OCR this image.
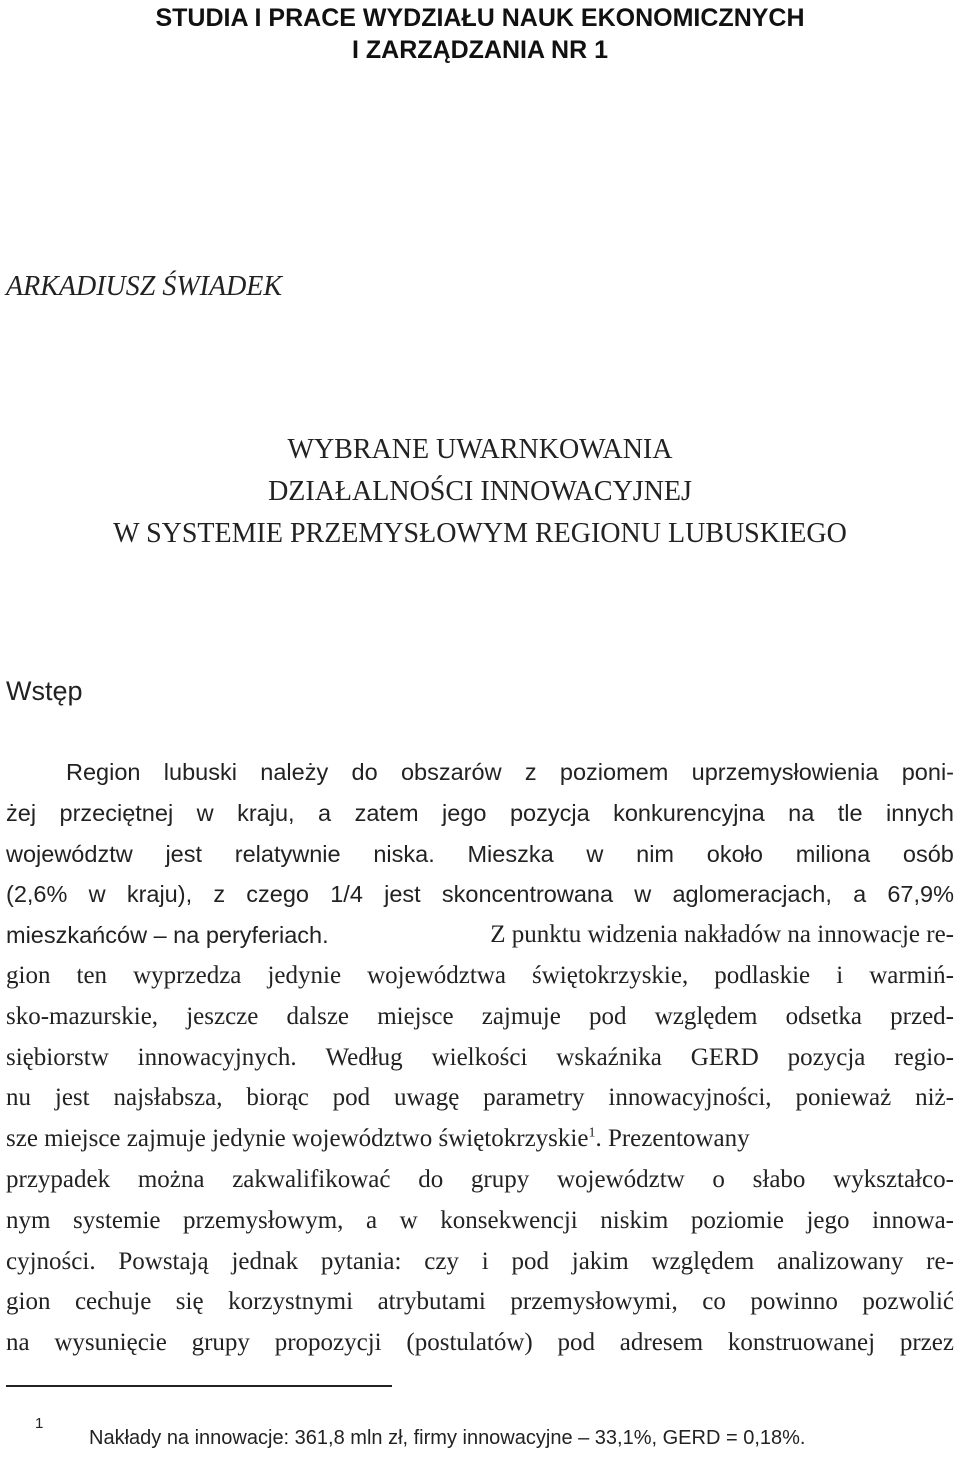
STUDIA I PRACE WYDZIAŁU NAUK EKONOMICZNYCH
I ZARZĄDZANIA NR 1
ARKADIUSZ ŚWIADEK
WYBRANE UWARNKOWANIA
DZIAŁALNOŚCI INNOWACYJNEJ
W SYSTEMIE PRZEMYSŁOWYM REGIONU LUBUSKIEGO
Wstęp
Region lubuski należy do obszarów z poziomem uprzemysłowienia poni-
żej przeciętnej w kraju, a zatem jego pozycja konkurencyjna na tle innych
województw jest relatywnie niska. Mieszka w nim około miliona osób
(2,6% w kraju), z czego 1/4 jest skoncentrowana w aglomeracjach, a 67,9%
mieszkańców – na peryferiach.	Z punktu widzenia nakładów na innowacje re-
gion ten wyprzedza jedynie województwa świętokrzyskie, podlaskie i warmiń-
sko-mazurskie, jeszcze dalsze miejsce zajmuje pod względem odsetka przed-
siębiorstw innowacyjnych. Według wielkości wskaźnika GERD pozycja regio-
nu jest najsłabsza, biorąc pod uwagę parametry innowacyjności, ponieważ niż-
sze miejsce zajmuje jedynie województwo świętokrzyskie$^1$. Prezentowany
przypadek można zakwalifikować do grupy województw o słabo wykształco-
nym systemie przemysłowym, a w konsekwencji niskim poziomie jego innowa-
cyjności. Powstają jednak pytania: czy i pod jakim względem analizowany re-
gion cechuje się korzystnymi atrybutami przemysłowymi, co powinno pozwolić
na wysunięcie grupy propozycji (postulatów) pod adresem konstruowanej przez
1
Nakłady na innowacje: 361,8 mln zł, firmy innowacyjne – 33,1%, GERD = 0,18%.
